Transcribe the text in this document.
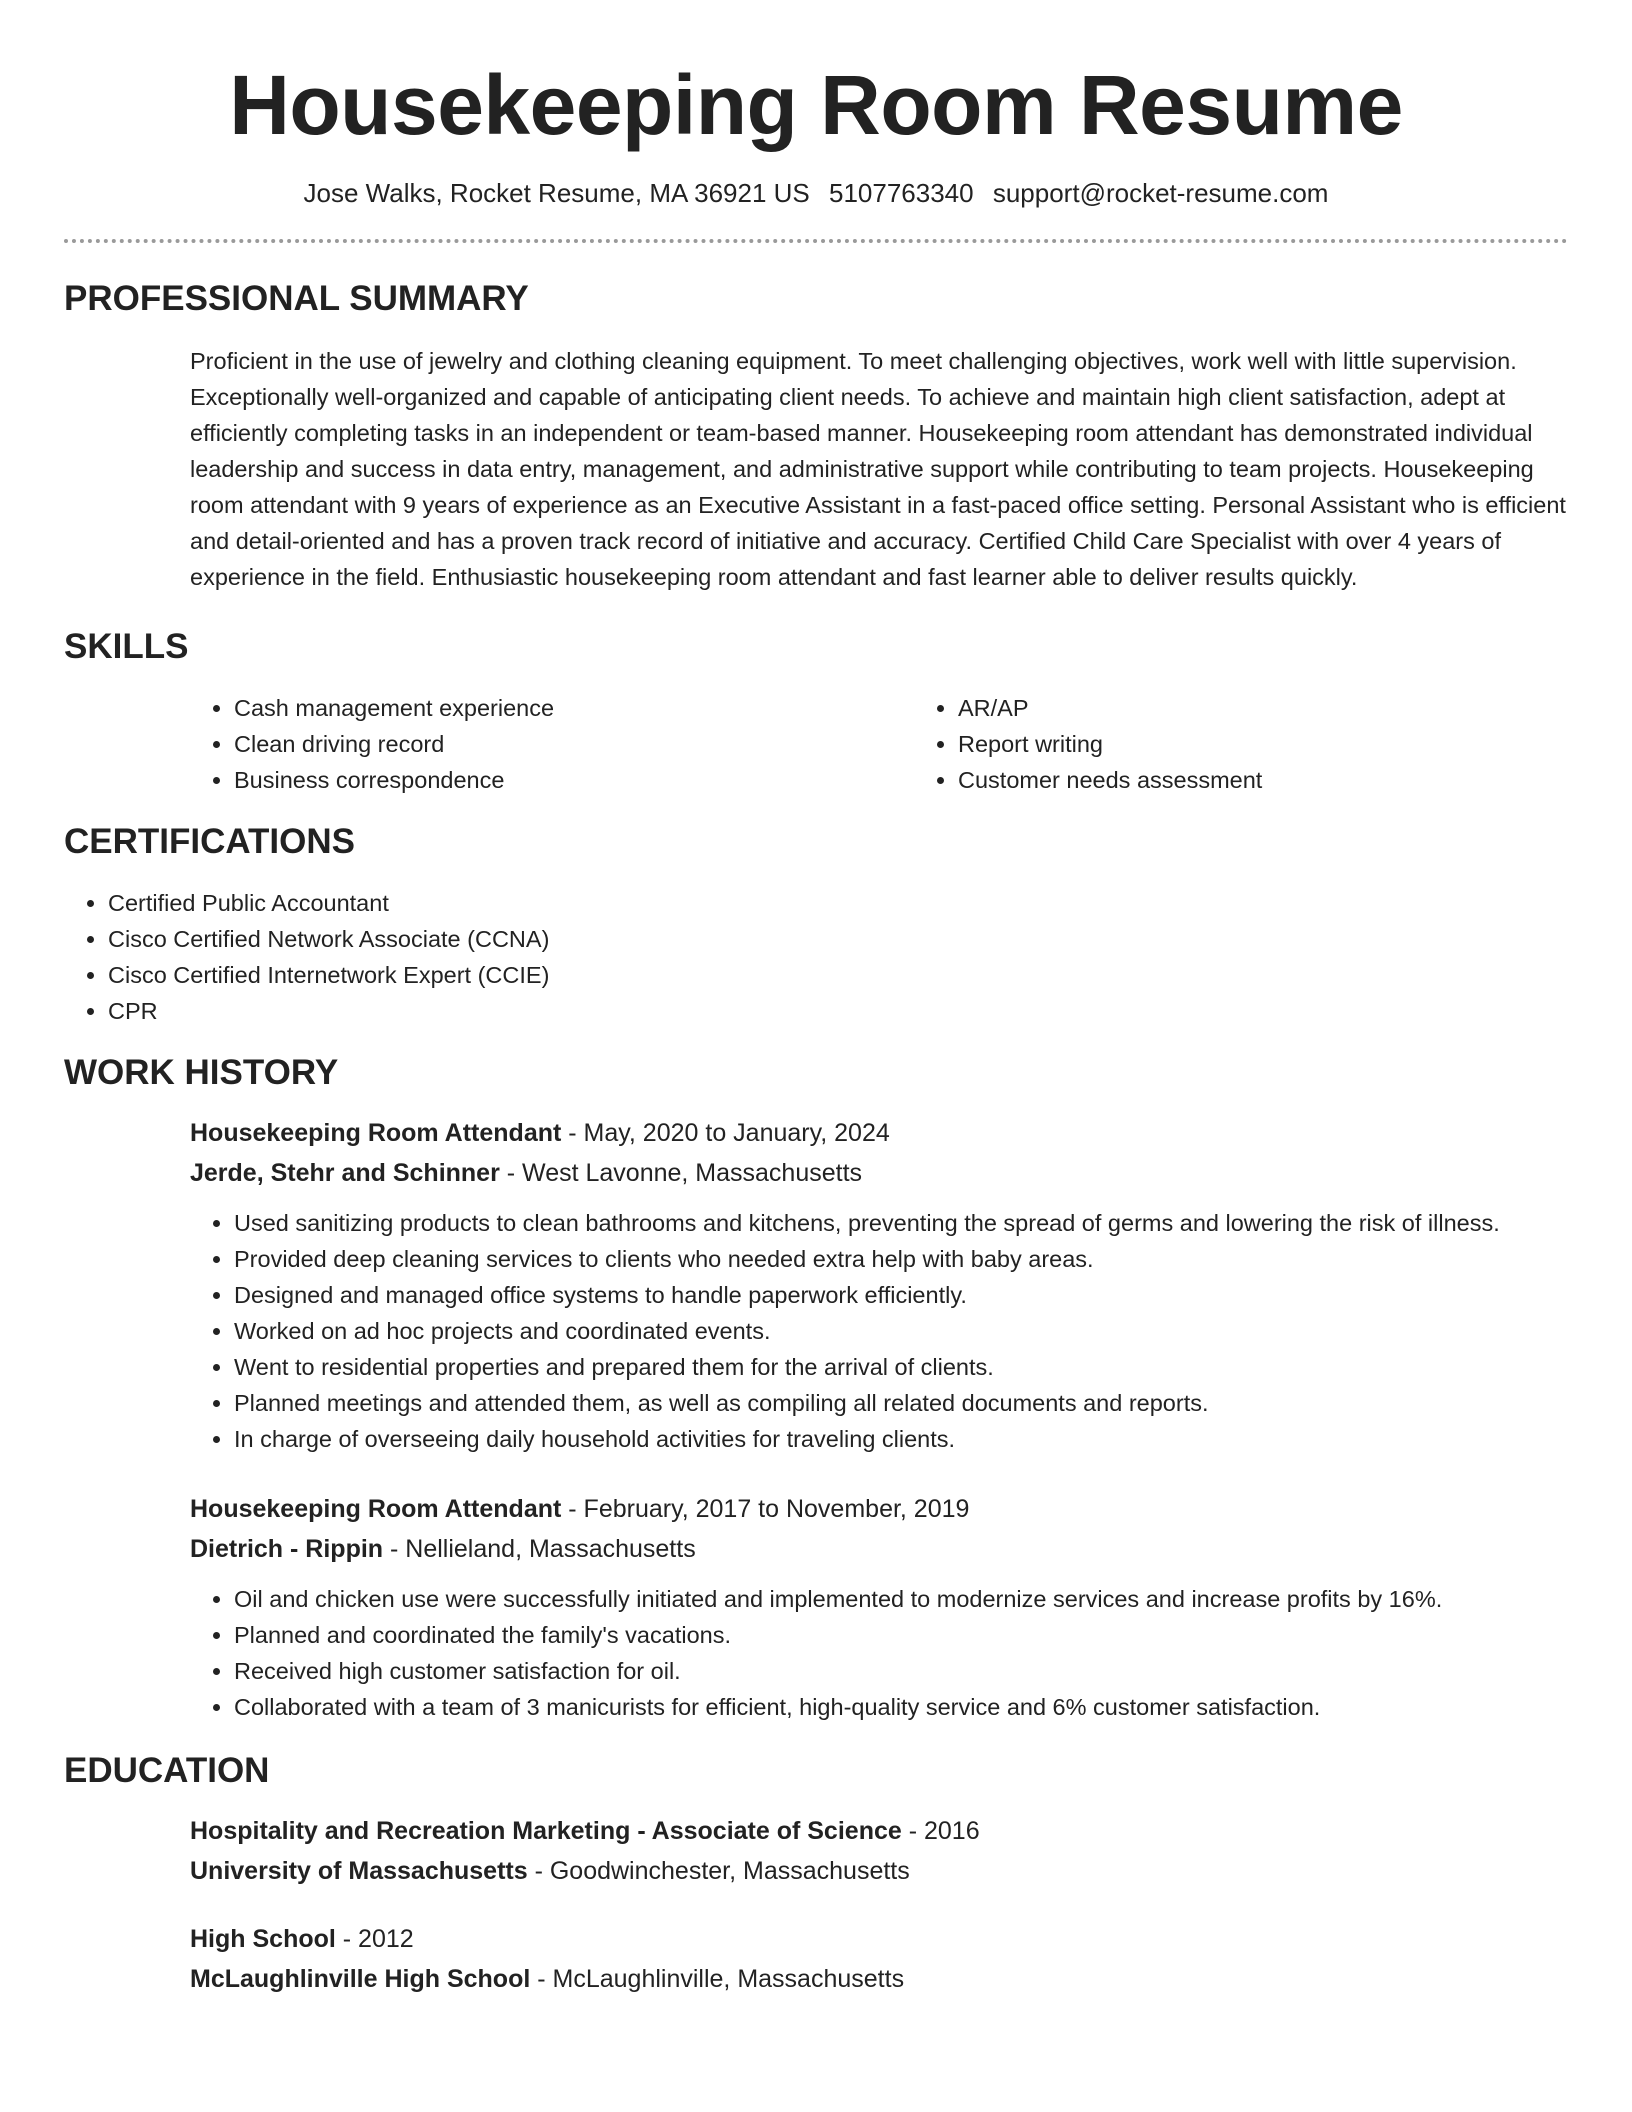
Housekeeping Room Resume
Jose Walks, Rocket Resume, MA 36921 US 5107763340 support@rocket-resume.com
PROFESSIONAL SUMMARY

Proficient in the use of jewelry and clothing cleaning equipment. To meet challenging objectives, work well with little supervision. Exceptionally well-organized and capable of anticipating client needs. To achieve and maintain high client satisfaction, adept at efficiently completing tasks in an independent or team-based manner. Housekeeping room attendant has demonstrated individual leadership and success in data entry, management, and administrative support while contributing to team projects. Housekeeping room attendant with 9 years of experience as an Executive Assistant in a fast-paced office setting. Personal Assistant who is efficient and detail-oriented and has a proven track record of initiative and accuracy. Certified Child Care Specialist with over 4 years of experience in the field. Enthusiastic housekeeping room attendant and fast learner able to deliver results quickly.

SKILLS
• Cash management experience
• Clean driving record
• Business correspondence
• AR/AP
• Report writing
• Customer needs assessment
CERTIFICATIONS
• Certified Public Accountant
• Cisco Certified Network Associate (CCNA)
• Cisco Certified Internetwork Expert (CCIE)
• CPR
WORK HISTORY
Housekeeping Room Attendant - May, 2020 to January, 2024
Jerde, Stehr and Schinner - West Lavonne, Massachusetts
• Used sanitizing products to clean bathrooms and kitchens, preventing the spread of germs and lowering the risk of illness.
• Provided deep cleaning services to clients who needed extra help with baby areas.
• Designed and managed office systems to handle paperwork efficiently.
• Worked on ad hoc projects and coordinated events.
• Went to residential properties and prepared them for the arrival of clients.
• Planned meetings and attended them, as well as compiling all related documents and reports.
• In charge of overseeing daily household activities for traveling clients.
Housekeeping Room Attendant - February, 2017 to November, 2019
Dietrich - Rippin - Nellieland, Massachusetts
• Oil and chicken use were successfully initiated and implemented to modernize services and increase profits by 16%.
• Planned and coordinated the family's vacations.
• Received high customer satisfaction for oil.
• Collaborated with a team of 3 manicurists for efficient, high-quality service and 6% customer satisfaction.
EDUCATION
Hospitality and Recreation Marketing - Associate of Science - 2016
University of Massachusetts - Goodwinchester, Massachusetts
High School - 2012
McLaughlinville High School - McLaughlinville, Massachusetts
